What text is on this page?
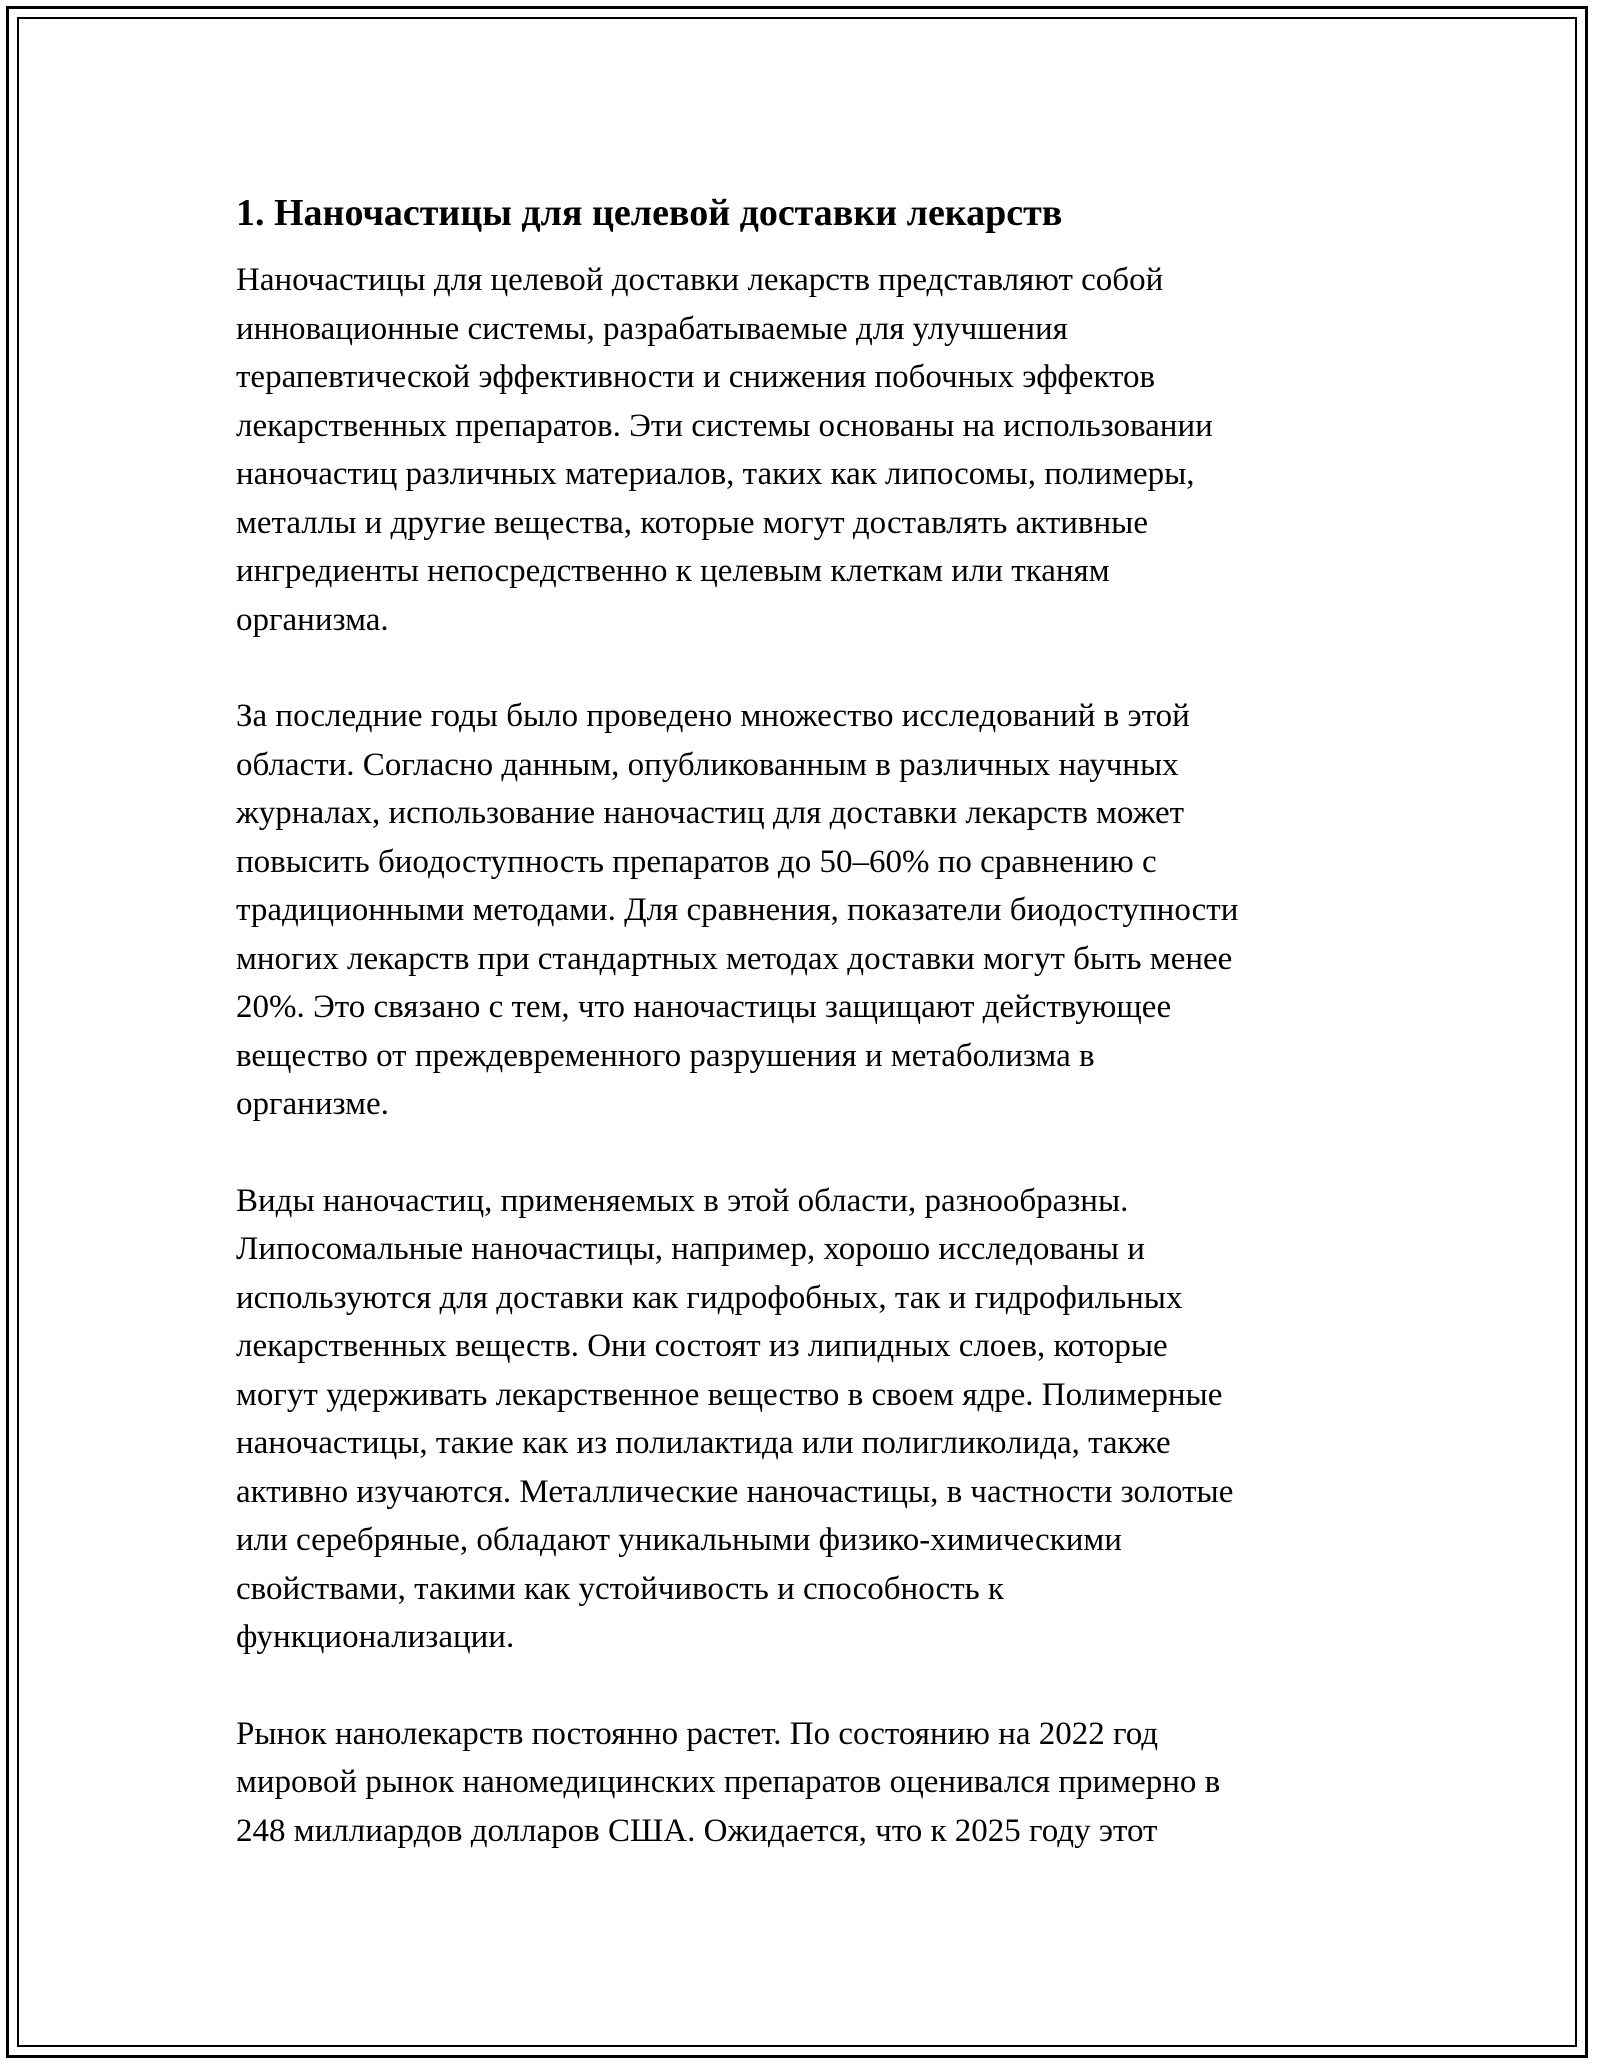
1. Наночастицы для целевой доставки лекарств
Наночастицы для целевой доставки лекарств представляют собой
инновационные системы, разрабатываемые для улучшения
терапевтической эффективности и снижения побочных эффектов
лекарственных препаратов. Эти системы основаны на использовании
наночастиц различных материалов, таких как липосомы, полимеры,
металлы и другие вещества, которые могут доставлять активные
ингредиенты непосредственно к целевым клеткам или тканям
организма.
За последние годы было проведено множество исследований в этой
области. Согласно данным, опубликованным в различных научных
журналах, использование наночастиц для доставки лекарств может
повысить биодоступность препаратов до 50–60% по сравнению с
традиционными методами. Для сравнения, показатели биодоступности
многих лекарств при стандартных методах доставки могут быть менее
20%. Это связано с тем, что наночастицы защищают действующее
вещество от преждевременного разрушения и метаболизма в
организме.
Виды наночастиц, применяемых в этой области, разнообразны.
Липосомальные наночастицы, например, хорошо исследованы и
используются для доставки как гидрофобных, так и гидрофильных
лекарственных веществ. Они состоят из липидных слоев, которые
могут удерживать лекарственное вещество в своем ядре. Полимерные
наночастицы, такие как из полилактида или полигликолида, также
активно изучаются. Металлические наночастицы, в частности золотые
или серебряные, обладают уникальными физико-химическими
свойствами, такими как устойчивость и способность к
функционализации.
Рынок нанолекарств постоянно растет. По состоянию на 2022 год
мировой рынок наномедицинских препаратов оценивался примерно в
248 миллиардов долларов США. Ожидается, что к 2025 году этот
